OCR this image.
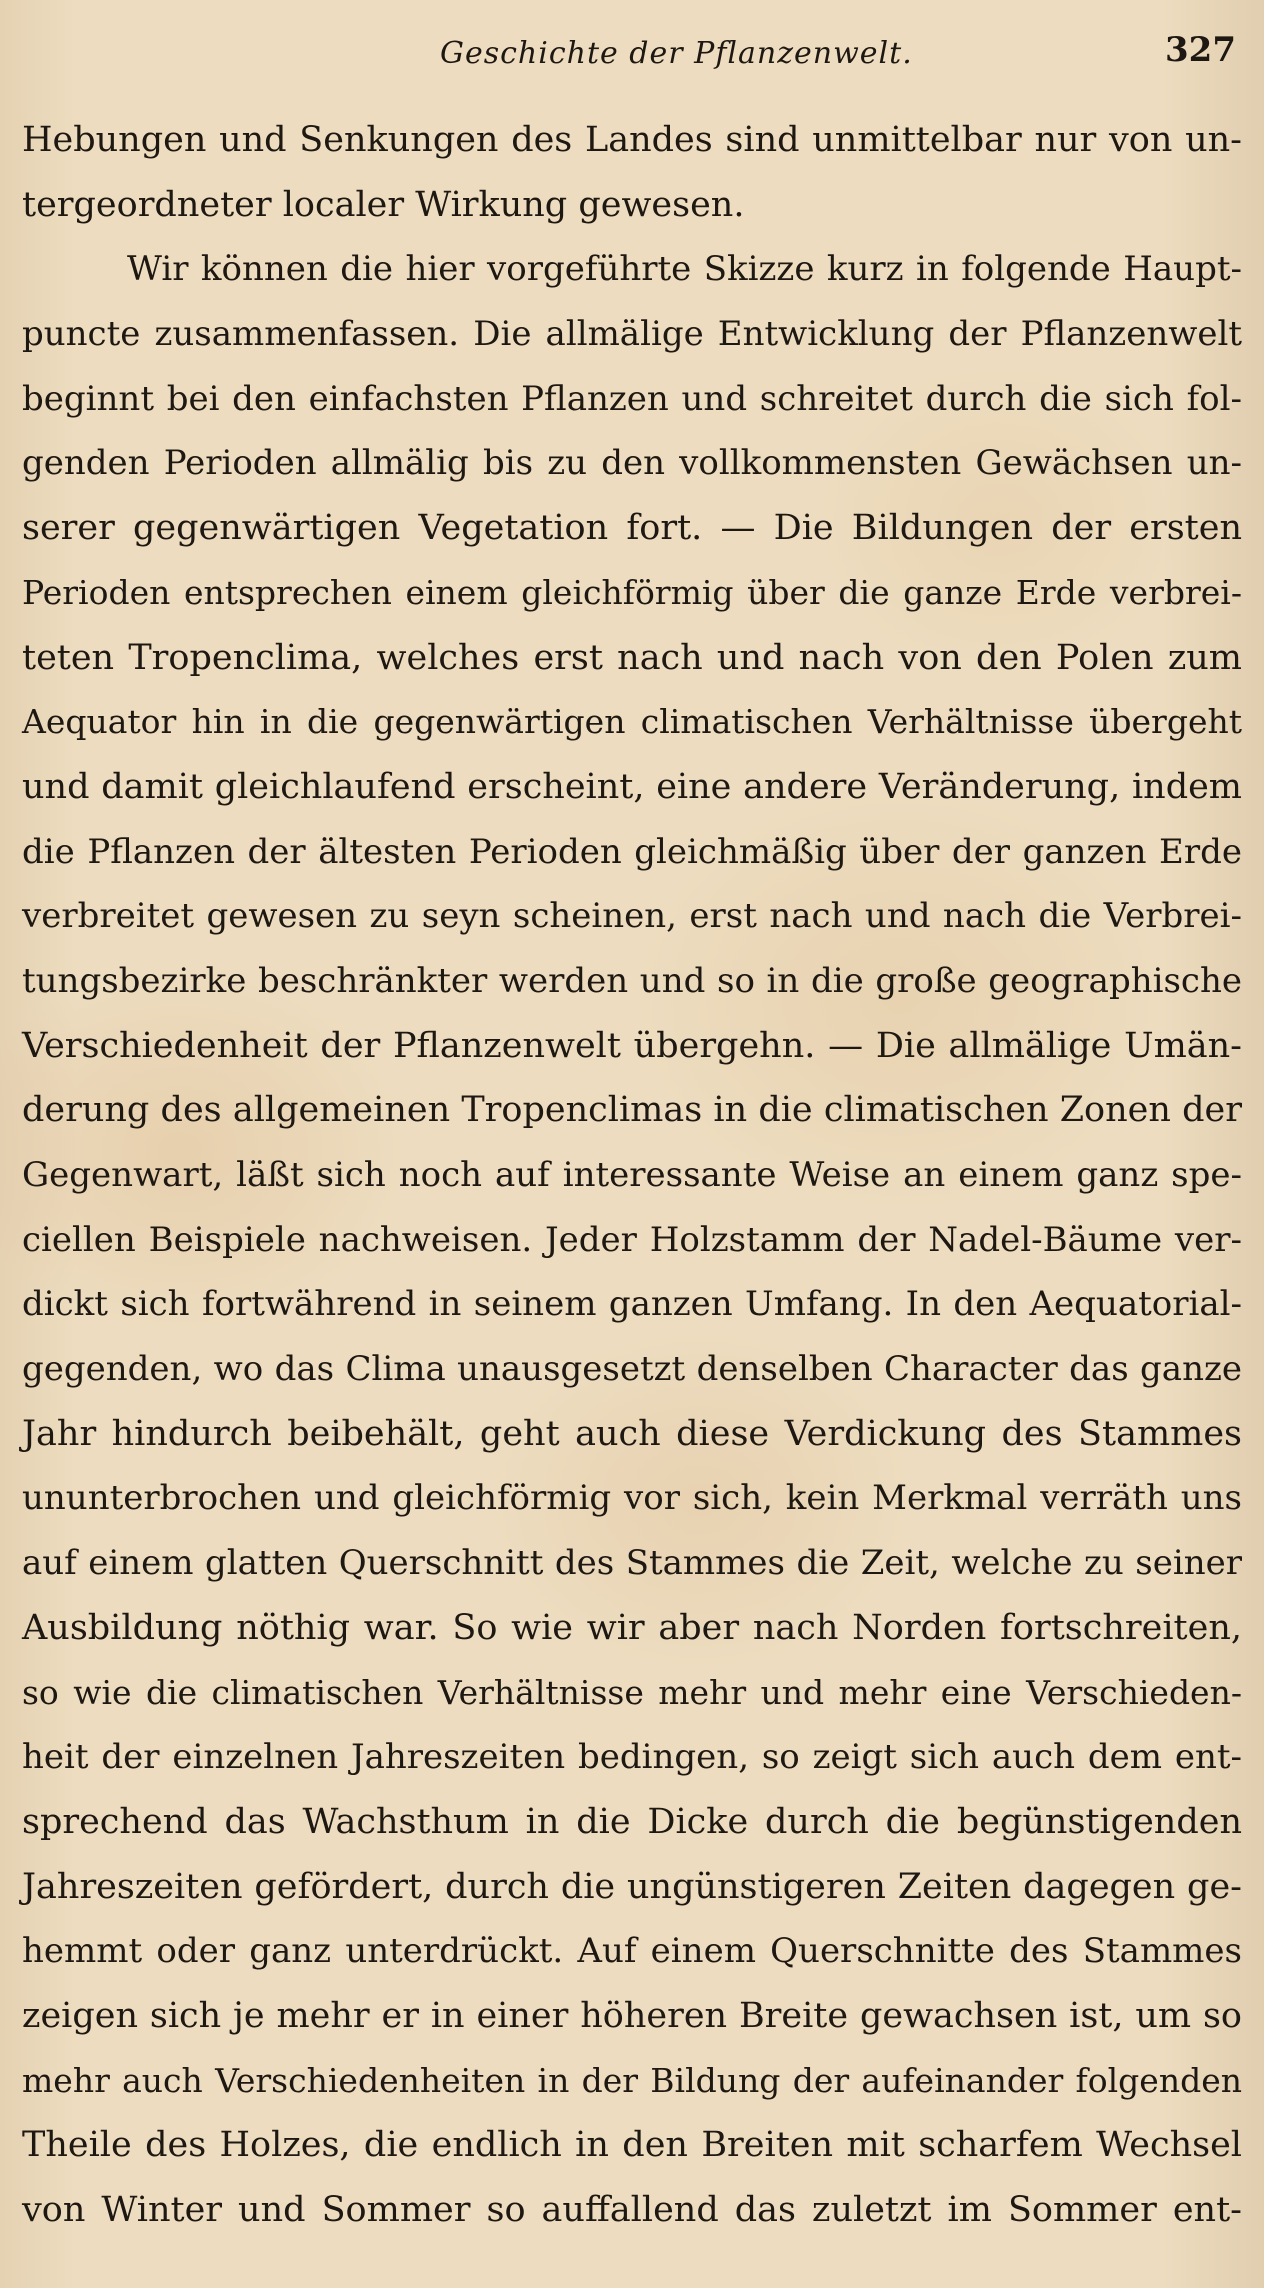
Geschichte der Pflanzenwelt.	327
Hebungen und Senkungen des Landes sind unmittelbar nur von un-
tergeordneter localer Wirkung gewesen.
Wir können die hier vorgeführte Skizze kurz in folgende Haupt-
puncte zusammenfassen. Die allmälige Entwicklung der Pflanzenwelt
beginnt bei den einfachsten Pflanzen und schreitet durch die sich fol-
genden Perioden allmälig bis zu den vollkommensten Gewächsen un-
serer gegenwärtigen Vegetation fort. — Die Bildungen der ersten
Perioden entsprechen einem gleichförmig über die ganze Erde verbrei-
teten Tropenclima, welches erst nach und nach von den Polen zum
Aequator hin in die gegenwärtigen climatischen Verhältnisse übergeht
und damit gleichlaufend erscheint, eine andere Veränderung, indem
die Pflanzen der ältesten Perioden gleichmäßig über der ganzen Erde
verbreitet gewesen zu seyn scheinen, erst nach und nach die Verbrei-
tungsbezirke beschränkter werden und so in die große geographische
Verschiedenheit der Pflanzenwelt übergehn. — Die allmälige Umän-
derung des allgemeinen Tropenclimas in die climatischen Zonen der
Gegenwart, läßt sich noch auf interessante Weise an einem ganz spe-
ciellen Beispiele nachweisen. Jeder Holzstamm der Nadel-Bäume ver-
dickt sich fortwährend in seinem ganzen Umfang. In den Aequatorial-
gegenden, wo das Clima unausgesetzt denselben Character das ganze
Jahr hindurch beibehält, geht auch diese Verdickung des Stammes
ununterbrochen und gleichförmig vor sich, kein Merkmal verräth uns
auf einem glatten Querschnitt des Stammes die Zeit, welche zu seiner
Ausbildung nöthig war. So wie wir aber nach Norden fortschreiten,
so wie die climatischen Verhältnisse mehr und mehr eine Verschieden-
heit der einzelnen Jahreszeiten bedingen, so zeigt sich auch dem ent-
sprechend das Wachsthum in die Dicke durch die begünstigenden
Jahreszeiten gefördert, durch die ungünstigeren Zeiten dagegen ge-
hemmt oder ganz unterdrückt. Auf einem Querschnitte des Stammes
zeigen sich je mehr er in einer höheren Breite gewachsen ist, um so
mehr auch Verschiedenheiten in der Bildung der aufeinander folgenden
Theile des Holzes, die endlich in den Breiten mit scharfem Wechsel
von Winter und Sommer so auffallend das zuletzt im Sommer ent-
